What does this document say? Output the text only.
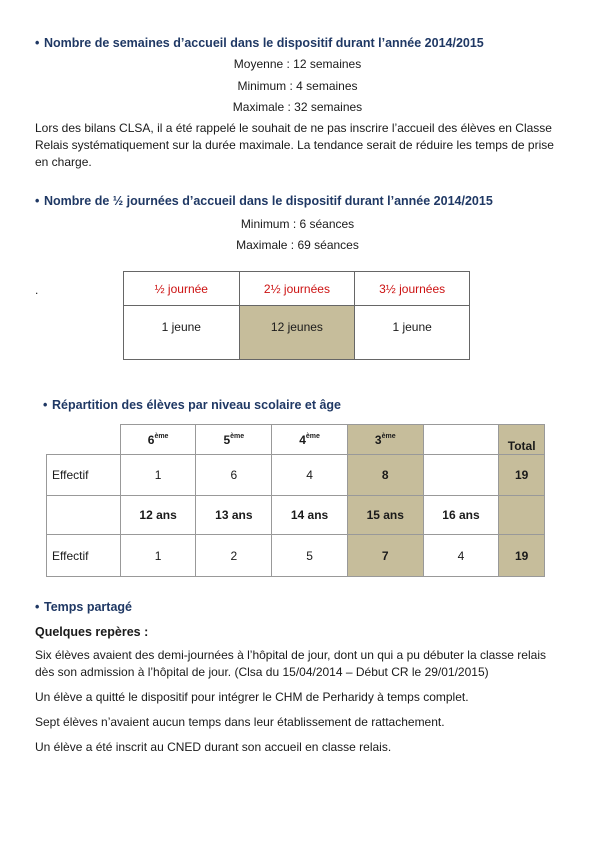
• Nombre de semaines d’accueil dans le dispositif durant l’année 2014/2015
Moyenne : 12 semaines
Minimum : 4 semaines
Maximale : 32 semaines
Lors des bilans CLSA, il a été rappelé le souhait de ne pas inscrire l’accueil des élèves en Classe Relais systématiquement sur la durée maximale. La tendance serait de réduire les temps de prise en charge.
• Nombre de ½ journées d’accueil dans le dispositif durant l’année 2014/2015
Minimum : 6 séances
Maximale : 69 séances
.	½ journée	2½ journées	3½ journées
1 jeune	12 jeunes	1 jeune
• Répartition des élèves par niveau scolaire et âge
	6ème	5ème	4ème	3ème		Total
Effectif	1	6	4	8		19
	12 ans	13 ans	14 ans	15 ans	16 ans	
Effectif	1	2	5	7	4	19
• Temps partagé
Quelques repères :
Six élèves avaient des demi-journées à l’hôpital de jour, dont un qui a pu débuter la classe relais dès son admission à l’hôpital de jour. (Clsa du 15/04/2014 – Début CR le 29/01/2015)
Un élève a quitté le dispositif pour intégrer le CHM de Perharidy à temps complet.
Sept élèves n’avaient aucun temps dans leur établissement de rattachement.
Un élève a été inscrit au CNED durant son accueil en classe relais.
